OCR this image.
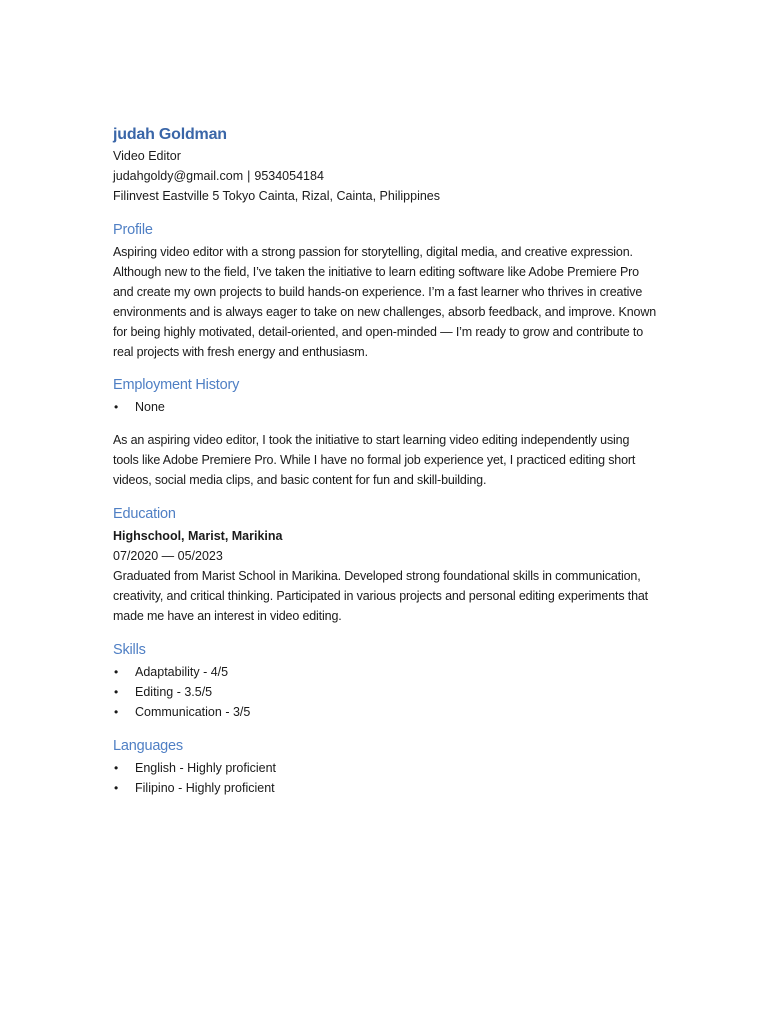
judah Goldman

Video Editor

judahgoldy@gmail.com | 9534054184

Filinvest Eastville 5 Tokyo Cainta, Rizal, Cainta, Philippines

Profile

Aspiring video editor with a strong passion for storytelling, digital media, and creative expression. Although new to the field, I’ve taken the initiative to learn editing software like Adobe Premiere Pro and create my own projects to build hands-on experience. I’m a fast learner who thrives in creative environments and is always eager to take on new challenges, absorb feedback, and improve. Known for being highly motivated, detail-oriented, and open-minded — I’m ready to grow and contribute to real projects with fresh energy and enthusiasm.

Employment History
• None

As an aspiring video editor, I took the initiative to start learning video editing independently using tools like Adobe Premiere Pro. While I have no formal job experience yet, I practiced editing short videos, social media clips, and basic content for fun and skill-building.

Education

Highschool, Marist, Marikina

07/2020 — 05/2023

Graduated from Marist School in Marikina. Developed strong foundational skills in communication, creativity, and critical thinking. Participated in various projects and personal editing experiments that made me have an interest in video editing.

Skills
• Adaptability - 4/5
• Editing - 3.5/5
• Communication - 3/5
Languages
• English - Highly proficient
• Filipino - Highly proficient
